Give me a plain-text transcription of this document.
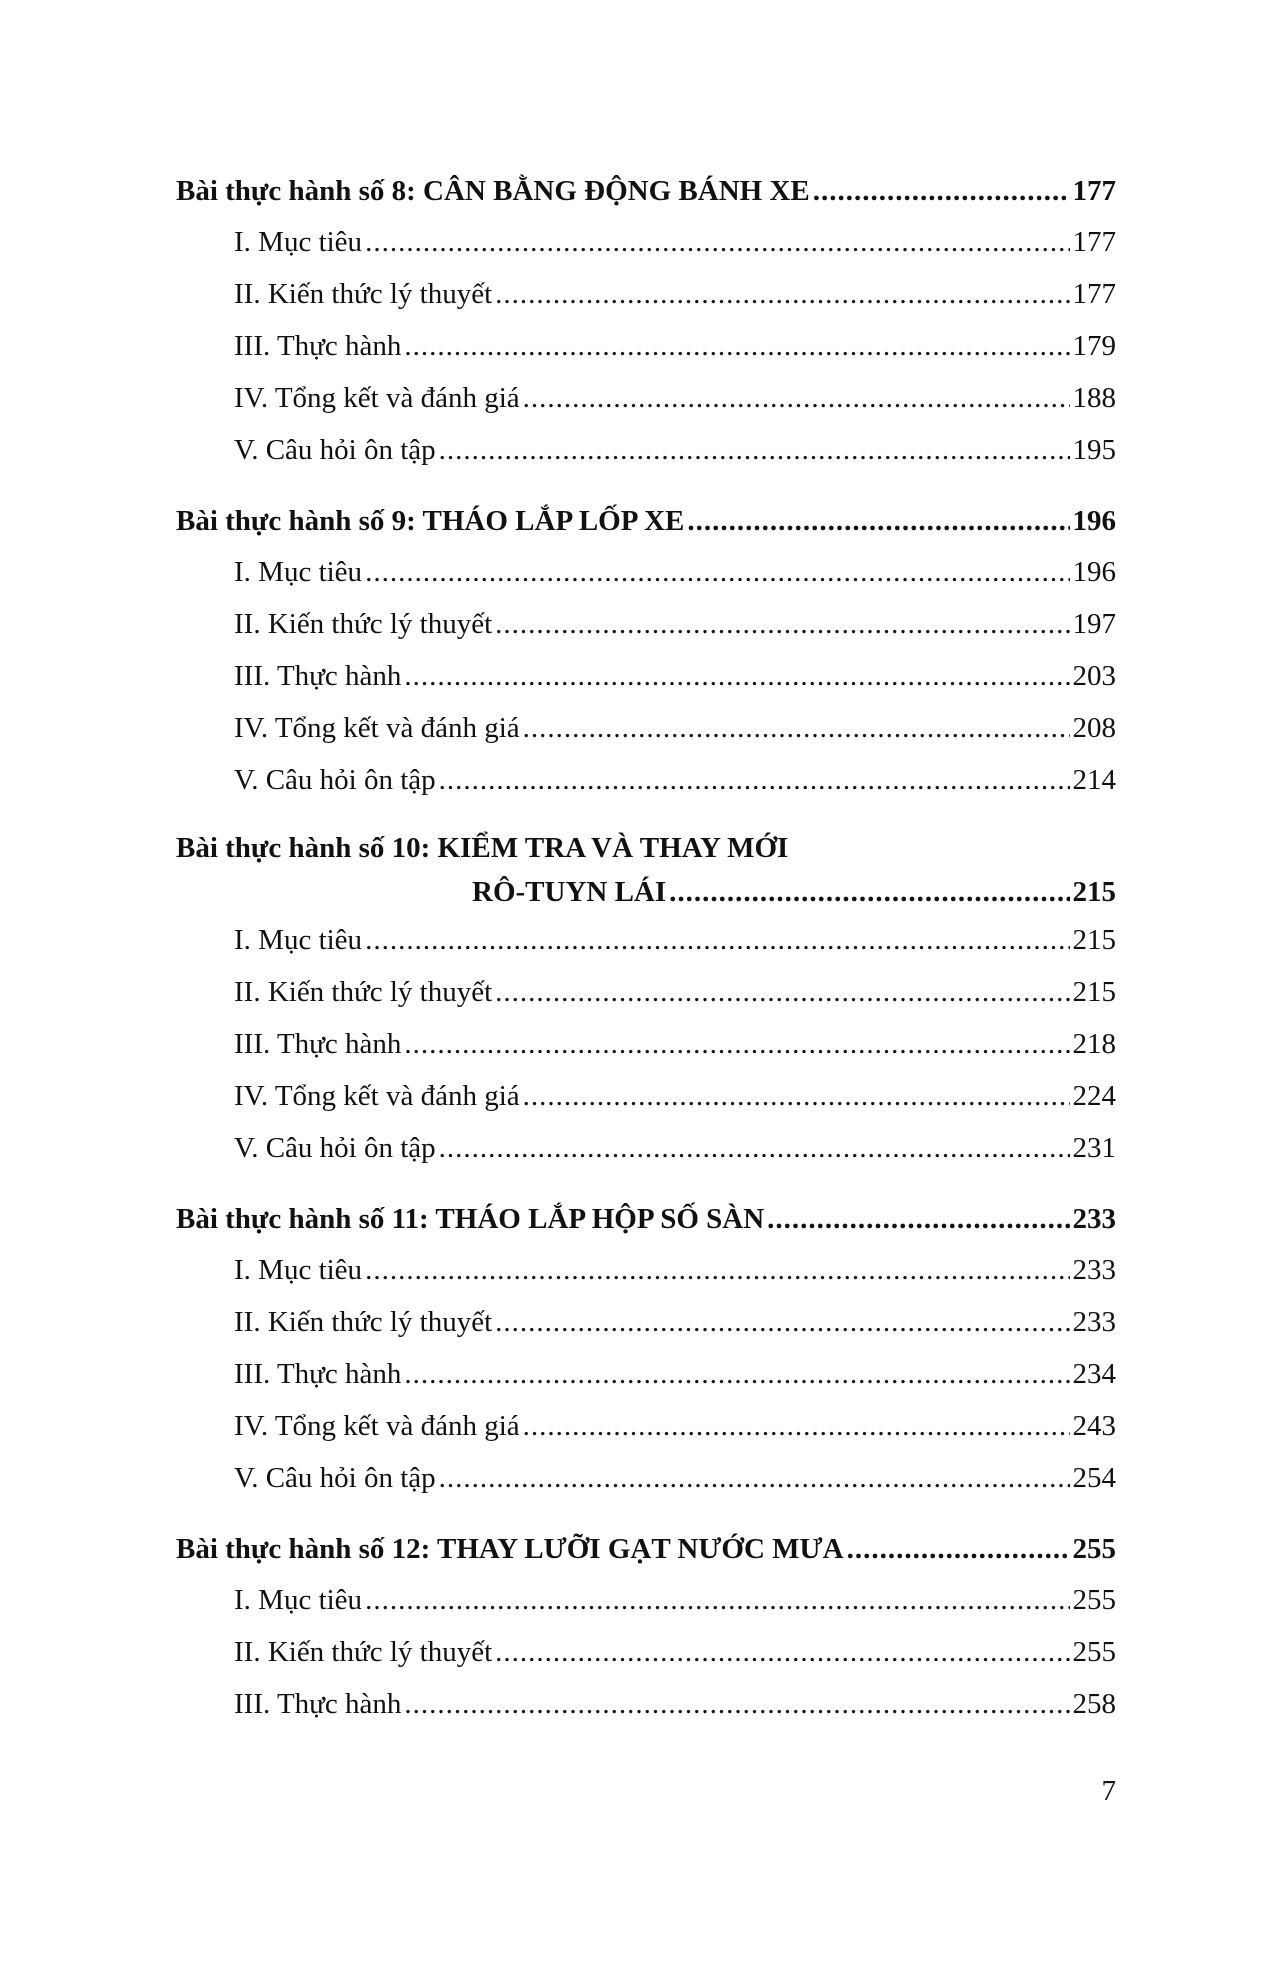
Bài thực hành số 8: CÂN BẰNG ĐỘNG BÁNH XE .....	177
I. Mục tiêu .....	177
II. Kiến thức lý thuyết .....	177
III. Thực hành .....	179
IV. Tổng kết và đánh giá .....	188
V. Câu hỏi ôn tập .....	195
Bài thực hành số 9: THÁO LẮP LỐP XE .....	196
I. Mục tiêu .....	196
II. Kiến thức lý thuyết .....	197
III. Thực hành .....	203
IV. Tổng kết và đánh giá .....	208
V. Câu hỏi ôn tập .....	214
Bài thực hành số 10: KIỂM TRA VÀ THAY MỚI
RÔ-TUYN LÁI .....	215
I. Mục tiêu .....	215
II. Kiến thức lý thuyết .....	215
III. Thực hành .....	218
IV. Tổng kết và đánh giá .....	224
V. Câu hỏi ôn tập .....	231
Bài thực hành số 11: THÁO LẮP HỘP SỐ SÀN .....	233
I. Mục tiêu .....	233
II. Kiến thức lý thuyết .....	233
III. Thực hành .....	234
IV. Tổng kết và đánh giá .....	243
V. Câu hỏi ôn tập .....	254
Bài thực hành số 12: THAY LƯỠI GẠT NƯỚC MƯA .....	255
I. Mục tiêu .....	255
II. Kiến thức lý thuyết .....	255
III. Thực hành .....	258
7
